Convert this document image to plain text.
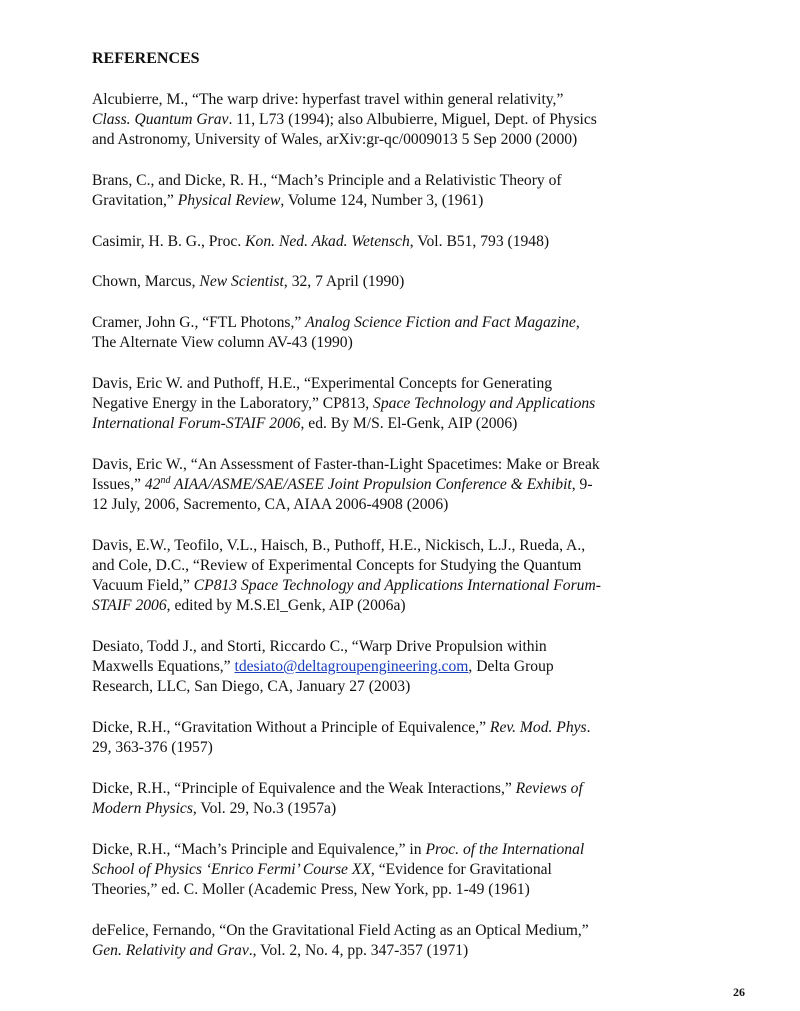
REFERENCES
Alcubierre, M., “The warp drive: hyperfast travel within general relativity,”
Class. Quantum Grav. 11, L73 (1994); also Albubierre, Miguel, Dept. of Physics
and Astronomy, University of Wales, arXiv:gr-qc/0009013 5 Sep 2000 (2000)
Brans, C., and Dicke, R. H., “Mach’s Principle and a Relativistic Theory of
Gravitation,” Physical Review, Volume 124, Number 3, (1961)
Casimir, H. B. G., Proc. Kon. Ned. Akad. Wetensch, Vol. B51, 793 (1948)
Chown, Marcus, New Scientist, 32, 7 April (1990)
Cramer, John G., “FTL Photons,” Analog Science Fiction and Fact Magazine,
The Alternate View column AV-43 (1990)
Davis, Eric W. and Puthoff, H.E., “Experimental Concepts for Generating
Negative Energy in the Laboratory,” CP813, Space Technology and Applications
International Forum-STAIF 2006, ed. By M/S. El-Genk, AIP (2006)
Davis, Eric W., “An Assessment of Faster-than-Light Spacetimes: Make or Break
Issues,” 42nd AIAA/ASME/SAE/ASEE Joint Propulsion Conference & Exhibit, 9-
12 July, 2006, Sacremento, CA, AIAA 2006-4908 (2006)
Davis, E.W., Teofilo, V.L., Haisch, B., Puthoff, H.E., Nickisch, L.J., Rueda, A.,
and Cole, D.C., “Review of Experimental Concepts for Studying the Quantum
Vacuum Field,” CP813 Space Technology and Applications International Forum-
STAIF 2006, edited by M.S.El_Genk, AIP (2006a)
Desiato, Todd J., and Storti, Riccardo C., “Warp Drive Propulsion within
Maxwells Equations,” tdesiato@deltagroupengineering.com, Delta Group
Research, LLC, San Diego, CA, January 27 (2003)
Dicke, R.H., “Gravitation Without a Principle of Equivalence,” Rev. Mod. Phys.
29, 363-376 (1957)
Dicke, R.H., “Principle of Equivalence and the Weak Interactions,” Reviews of
Modern Physics, Vol. 29, No.3 (1957a)
Dicke, R.H., “Mach’s Principle and Equivalence,” in Proc. of the International
School of Physics ‘Enrico Fermi’ Course XX, “Evidence for Gravitational
Theories,” ed. C. Moller (Academic Press, New York, pp. 1-49 (1961)
deFelice, Fernando, “On the Gravitational Field Acting as an Optical Medium,”
Gen. Relativity and Grav., Vol. 2, No. 4, pp. 347-357 (1971)
26
